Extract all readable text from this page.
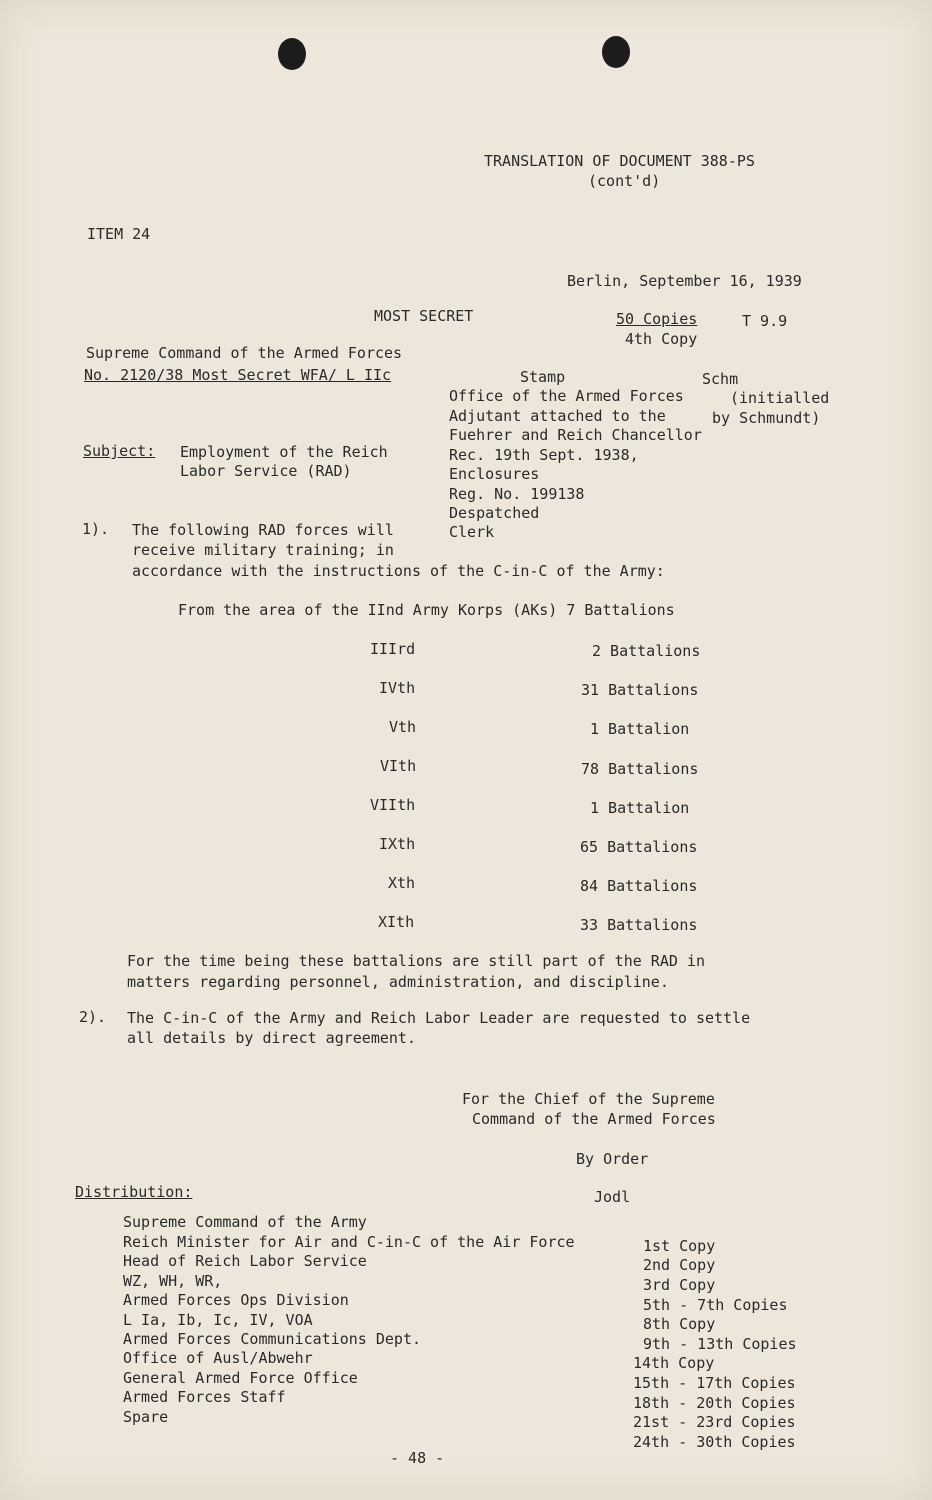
TRANSLATION OF DOCUMENT 388-PS
(cont'd)
ITEM 24
Berlin, September 16, 1939
MOST SECRET	50 Copies	T 9.9
4th Copy
Supreme Command of the Armed Forces
No. 2120/38 Most Secret WFA/ L IIc	Stamp	Schm
Office of the Armed Forces
Adjutant attached to the
Fuehrer and Reich Chancellor
Rec. 19th Sept. 1938,
Enclosures
Reg. No. 199138
Despatched
Clerk
(initialled
by Schmundt)
Subject: Employment of the Reich
Labor Service (RAD)
1). The following RAD forces will
receive military training; in
accordance with the instructions of the C-in-C of the Army:
From the area of the IInd Army Korps (AKs) 7 Battalions
IIIrd	2 Battalions
IVth	31 Battalions
Vth	1 Battalion
VIth	78 Battalions
VIIth	1 Battalion
IXth	65 Battalions
Xth	84 Battalions
XIth	33 Battalions
For the time being these battalions are still part of the RAD in
matters regarding personnel, administration, and discipline.
2). The C-in-C of the Army and Reich Labor Leader are requested to settle
all details by direct agreement.
For the Chief of the Supreme
Command of the Armed Forces
By Order
Jodl
Distribution:
Supreme Command of the Army
Reich Minister for Air and C-in-C of the Air Force	1st Copy
Head of Reich Labor Service	2nd Copy
WZ, WH, WR,	3rd Copy
Armed Forces Ops Division	5th - 7th Copies
L Ia, Ib, Ic, IV, VOA	8th Copy
Armed Forces Communications Dept.	9th - 13th Copies
Office of Ausl/Abwehr	14th Copy
General Armed Force Office	15th - 17th Copies
Armed Forces Staff	18th - 20th Copies
Spare	21st - 23rd Copies
24th - 30th Copies
- 48 -
